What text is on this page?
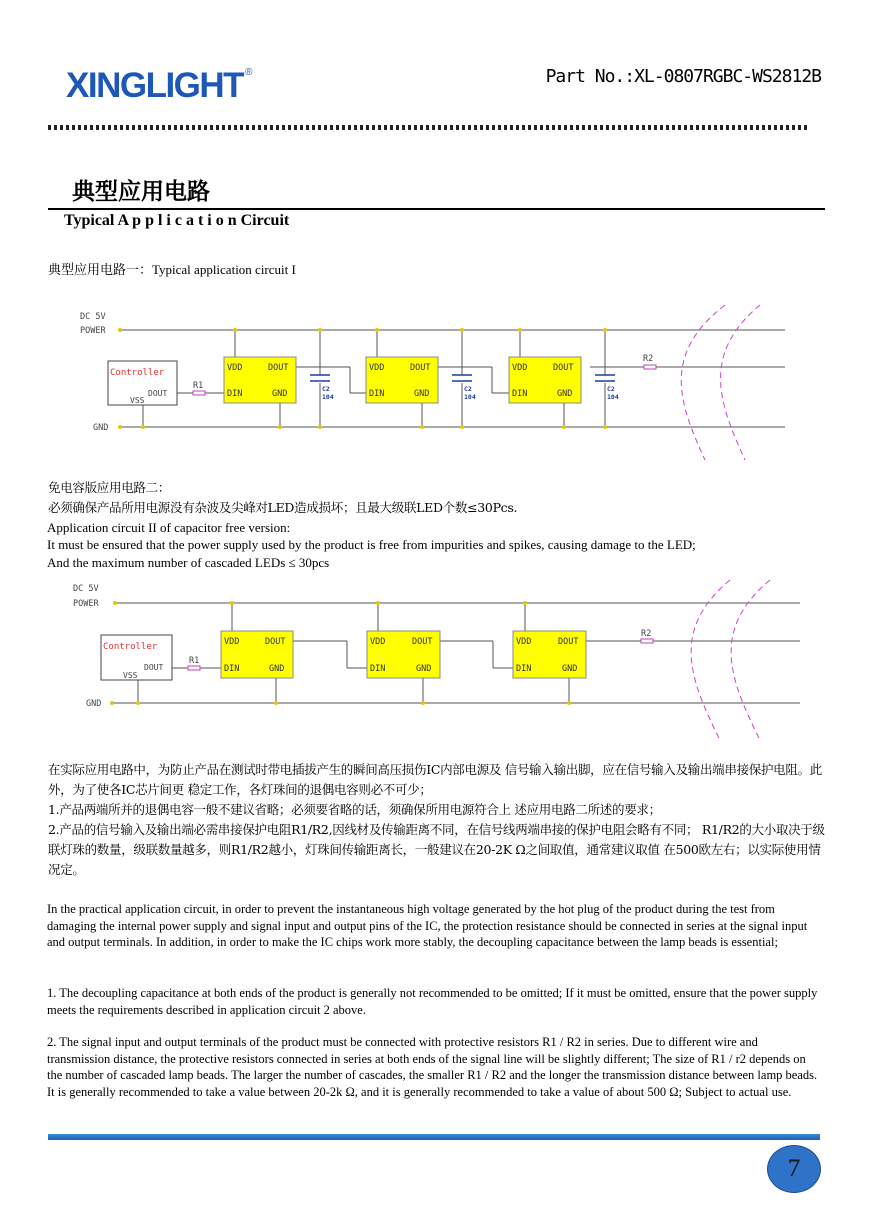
XINGLIGHT ®	Part No.:XL-0807RGBC-WS2812B
典型应用电路
Typical A p p l i c a t i o n Circuit
典型应用电路一：Typical application circuit I
DC 5V
POWER
GND
Controller
DOUT
VSS
R1
R2
VDD	DOUT
DIN	GND
VDD	DOUT
DIN	GND
VDD	DOUT
DIN	GND
C2
104
C2
104
C2
104
免电容版应用电路二：
必须确保产品所用电源没有杂波及尖峰对LED造成损坏；且最大级联LED个数≤30Pcs.
Application circuit II of capacitor free version:
It must be ensured that the power supply used by the product is free from impurities and spikes, causing damage to the LED;
And the maximum number of cascaded LEDs ≤ 30pcs
DC 5V
POWER
GND
Controller
DOUT
VSS
R1
R2
VDD	DOUT
DIN	GND
VDD	DOUT
DIN	GND
VDD	DOUT
DIN	GND
在实际应用电路中，为防止产品在测试时带电插拔产生的瞬间高压损伤IC内部电源及 信号输入输出脚，应在信号输入及输出端串接保护电阻。此外，为了使各IC芯片间更 稳定工作，各灯珠间的退偶电容则必不可少；
1.产品两端所并的退偶电容一般不建议省略；必须要省略的话，须确保所用电源符合上 述应用电路二所述的要求；
2.产品的信号输入及输出端必需串接保护电阻R1/R2,因线材及传输距离不同，在信号线两端串接的保护电阻会略有不同； R1/R2的大小取决于级联灯珠的数量，级联数量越多，则R1/R2越小，灯珠间传输距离长，一般建议在20-2K Ω之间取值，通常建议取值 在500欧左右；以实际使用情况定。
In the practical application circuit, in order to prevent the instantaneous high voltage generated by the hot plug of the product during the test from damaging the internal power supply and signal input and output pins of the IC, the protection resistance should be connected in series at the signal input and output terminals. In addition, in order to make the IC chips work more stably, the decoupling capacitance between the lamp beads is essential;
1. The decoupling capacitance at both ends of the product is generally not recommended to be omitted; If it must be omitted, ensure that the power supply meets the requirements described in application circuit 2 above.
2. The signal input and output terminals of the product must be connected with protective resistors R1 / R2 in series. Due to different wire and transmission distance, the protective resistors connected in series at both ends of the signal line will be slightly different; The size of R1 / r2 depends on the number of cascaded lamp beads. The larger the number of cascades, the smaller R1 / R2 and the longer the transmission distance between lamp beads. It is generally recommended to take a value between 20-2k Ω, and it is generally recommended to take a value of about 500 Ω; Subject to actual use.
7
